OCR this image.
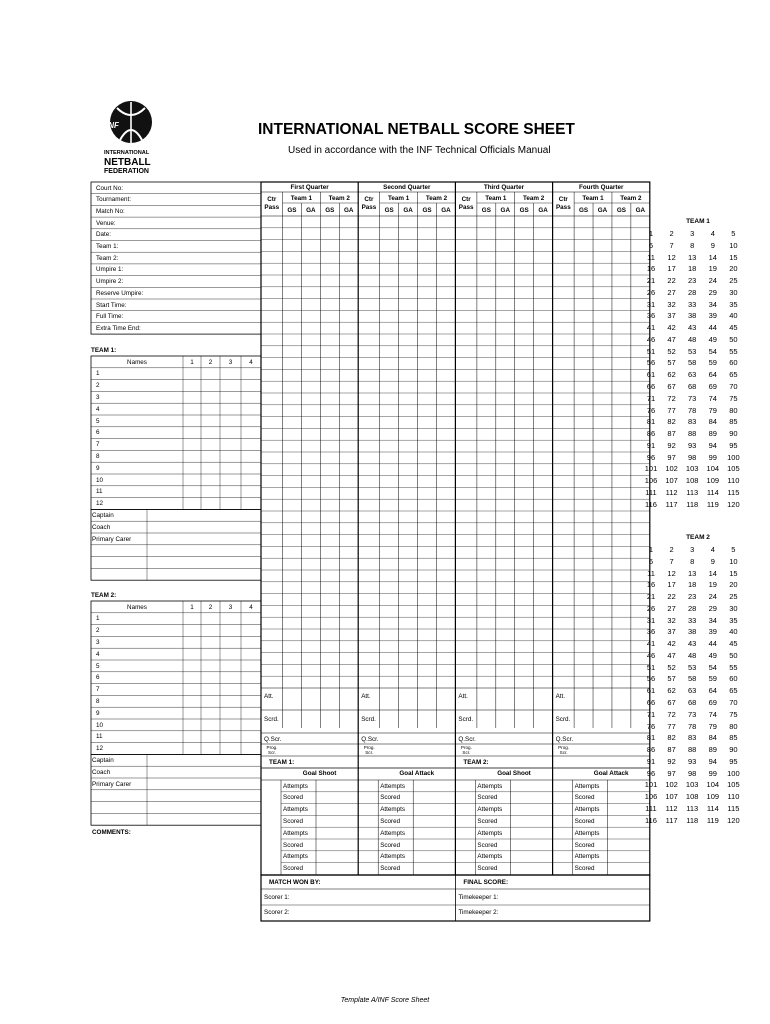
INF
INTERNATIONAL
NETBALL
FEDERATION
INTERNATIONAL NETBALL SCORE SHEET
Used in accordance with the INF Technical Officials Manual
Court No:
Tournament:
Match No:
Venue:
Date:
Team 1:
Team 2:
Umpire 1:
Umpire 2:
Reserve Umpire:
Start Time:
Full Time:
Extra Time End:
TEAM 1:
Names	1	2	3	4
1
2
3
4
5
6
7
8
9
10
11
12
Captain
Coach
Primary Carer
TEAM 2:
Names	1	2	3	4
1
2
3
4
5
6
7
8
9
10
11
12
Captain
Coach
Primary Carer
COMMENTS:
First Quarter
Ctr
Pass
Team 1	Team 2
GS	GA	GS	GA
Att.
Scrd.
Q.Scr.
Prog. Scr.
Second Quarter
Ctr
Pass
Team 1	Team 2
GS	GA	GS	GA
Att.
Scrd.
Q.Scr.
Prog. Scr.
Third Quarter
Ctr
Pass
Team 1	Team 2
GS	GA	GS	GA
Att.
Scrd.
Q.Scr.
Prog. Scr.
Fourth Quarter
Ctr
Pass
Team 1	Team 2
GS	GA	GS	GA
Att.
Scrd.
Q.Scr.
Prog. Scr.
TEAM 1:	TEAM 2:
Goal Shoot	Goal Attack	Goal Shoot	Goal Attack
Attempts	Attempts	Attempts	Attempts
Scored	Scored	Scored	Scored
Attempts	Attempts	Attempts	Attempts
Scored	Scored	Scored	Scored
Attempts	Attempts	Attempts	Attempts
Scored	Scored	Scored	Scored
Attempts	Attempts	Attempts	Attempts
Scored	Scored	Scored	Scored
MATCH WON BY:	FINAL SCORE:
Scorer 1:
Scorer 2:
Timekeeper 1:
Timekeeper 2:
TEAM 1
1	2	3	4	5
6	7	8	9	10
11	12	13	14	15
16	17	18	19	20
21	22	23	24	25
26	27	28	29	30
31	32	33	34	35
36	37	38	39	40
41	42	43	44	45
46	47	48	49	50
51	52	53	54	55
56	57	58	59	60
61	62	63	64	65
66	67	68	69	70
71	72	73	74	75
76	77	78	79	80
81	82	83	84	85
86	87	88	89	90
91	92	93	94	95
96	97	98	99	100
101	102	103	104	105
106	107	108	109	110
111	112	113	114	115
116	117	118	119	120
TEAM 2
1	2	3	4	5
6	7	8	9	10
11	12	13	14	15
16	17	18	19	20
21	22	23	24	25
26	27	28	29	30
31	32	33	34	35
36	37	38	39	40
41	42	43	44	45
46	47	48	49	50
51	52	53	54	55
56	57	58	59	60
61	62	63	64	65
66	67	68	69	70
71	72	73	74	75
76	77	78	79	80
81	82	83	84	85
86	87	88	89	90
91	92	93	94	95
96	97	98	99	100
101	102	103	104	105
106	107	108	109	110
111	112	113	114	115
116	117	118	119	120
Template A/INF Score Sheet
